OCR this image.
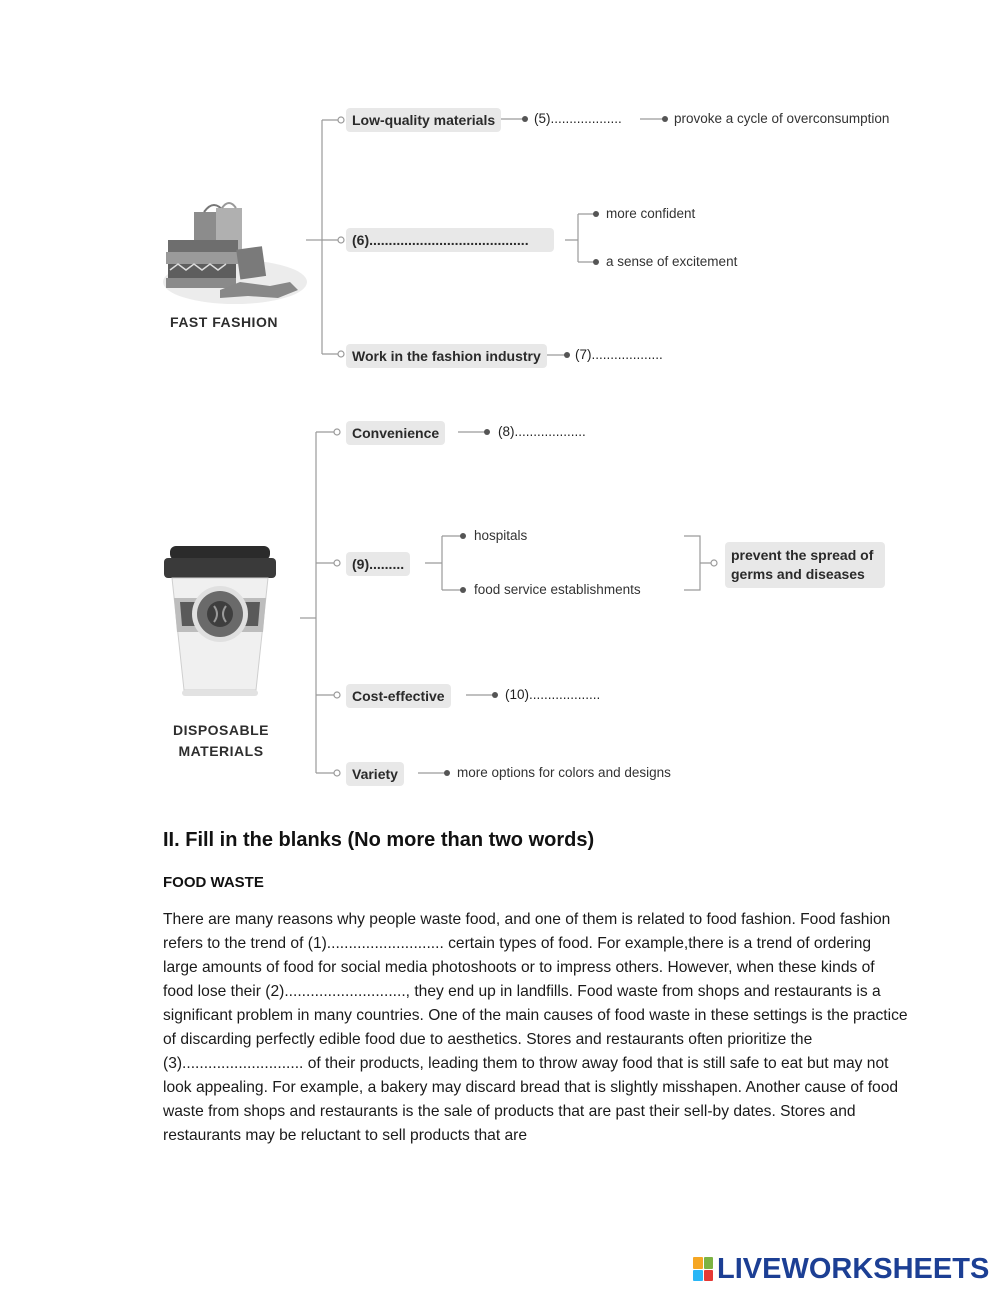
FAST FASHION
Low-quality materials	(5)...................	provoke a cycle of overconsumption
(6).........................................
more confident
a sense of excitement
Work in the fashion industry	(7)...................
DISPOSABLE
MATERIALS
Convenience	(8)...................
(9).........
hospitals
food service establishments
prevent the spread of germs and diseases
Cost-effective	(10)...................
Variety	more options for colors and designs
II. Fill in the blanks (No more than two words)
FOOD WASTE

There are many reasons why people waste food, and one of them is related to food fashion. Food fashion refers to the trend of (1)........................... certain types of food. For example,there is a trend of ordering large amounts of food for social media photoshoots or to impress others. However, when these kinds of food lose their (2)............................, they end up in landfills. Food waste from shops and restaurants is a significant problem in many countries. One of the main causes of food waste in these settings is the practice of discarding perfectly edible food due to aesthetics. Stores and restaurants often prioritize the (3)............................ of their products, leading them to throw away food that is still safe to eat but may not look appealing. For example, a bakery may discard bread that is slightly misshapen. Another cause of food waste from shops and restaurants is the sale of products that are past their sell-by dates. Stores and restaurants may be reluctant to sell products that are

LIVEWORKSHEETS
